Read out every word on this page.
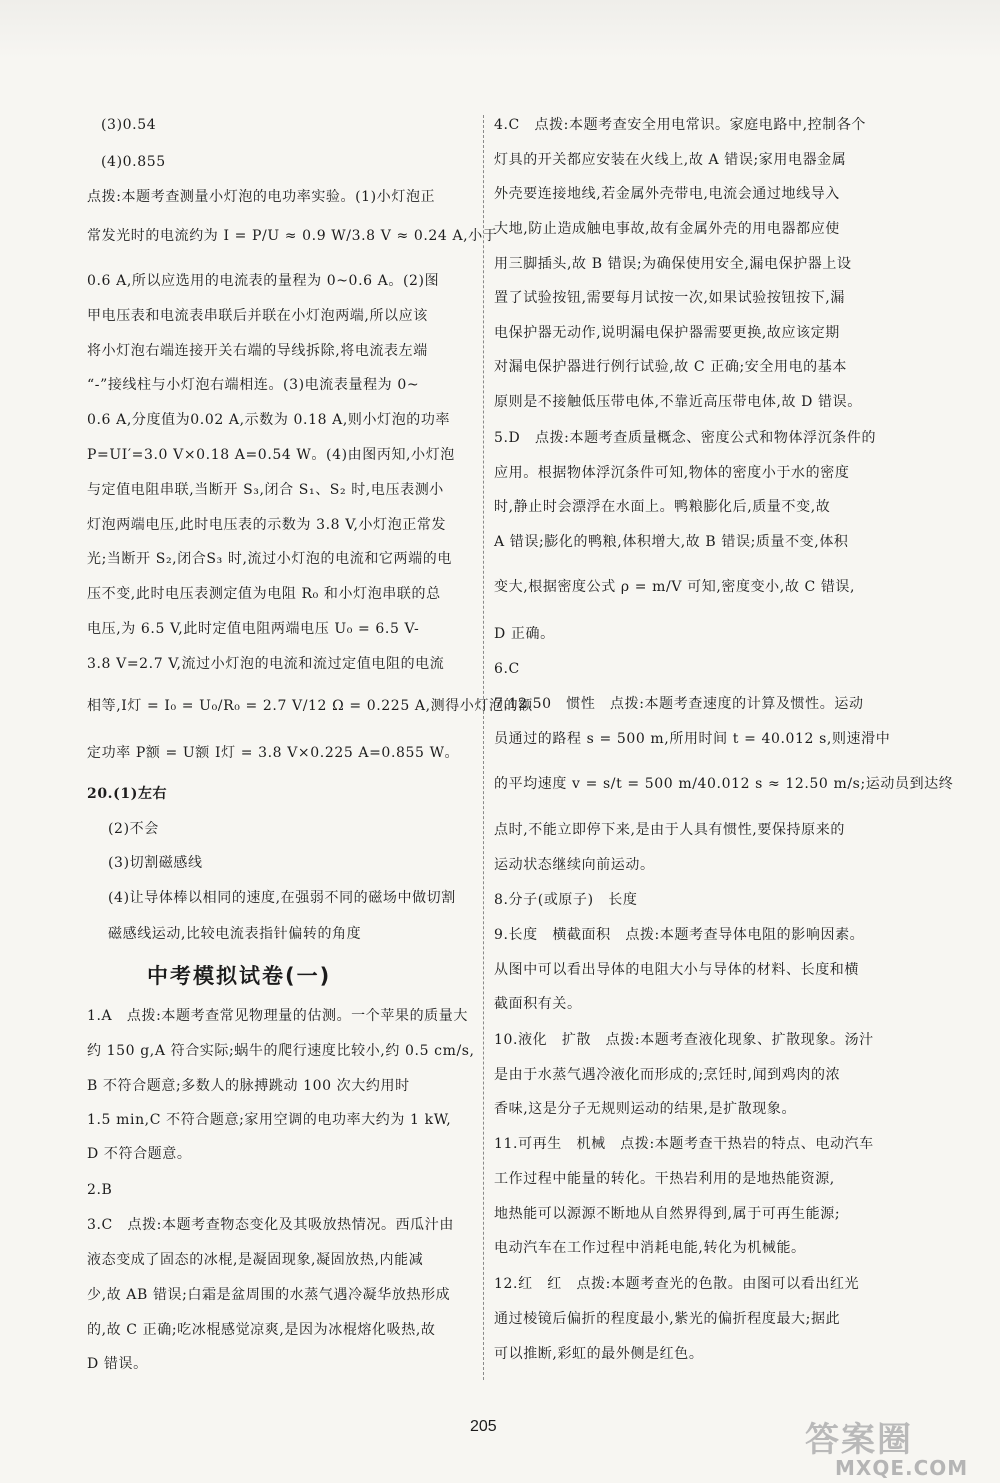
(3)0.54
(4)0.855
点拨:本题考查测量小灯泡的电功率实验。(1)小灯泡正
常发光时的电流约为 I = P/U ≈ 0.9 W/3.8 V ≈ 0.24 A,小于
0.6 A,所以应选用的电流表的量程为 0~0.6 A。(2)图
甲电压表和电流表串联后并联在小灯泡两端,所以应该
将小灯泡右端连接开关右端的导线拆除,将电流表左端
“-”接线柱与小灯泡右端相连。(3)电流表量程为 0~
0.6 A,分度值为0.02 A,示数为 0.18 A,则小灯泡的功率
P=UI′=3.0 V×0.18 A=0.54 W。(4)由图丙知,小灯泡
与定值电阻串联,当断开 S₃,闭合 S₁、S₂ 时,电压表测小
灯泡两端电压,此时电压表的示数为 3.8 V,小灯泡正常发
光;当断开 S₂,闭合S₃ 时,流过小灯泡的电流和它两端的电
压不变,此时电压表测定值为电阻 R₀ 和小灯泡串联的总
电压,为 6.5 V,此时定值电阻两端电压 U₀ = 6.5 V-
3.8 V=2.7 V,流过小灯泡的电流和流过定值电阻的电流
相等,I灯 = I₀ = U₀/R₀ = 2.7 V/12 Ω = 0.225 A,测得小灯泡的额
定功率 P额 = U额 I灯 = 3.8 V×0.225 A=0.855 W。
20.(1)左右
(2)不会
(3)切割磁感线
(4)让导体棒以相同的速度,在强弱不同的磁场中做切割
磁感线运动,比较电流表指针偏转的角度
中考模拟试卷(一)
1.A　点拨:本题考查常见物理量的估测。一个苹果的质量大
约 150 g,A 符合实际;蜗牛的爬行速度比较小,约 0.5 cm/s,
B 不符合题意;多数人的脉搏跳动 100 次大约用时
1.5 min,C 不符合题意;家用空调的电功率大约为 1 kW,
D 不符合题意。
2.B
3.C　点拨:本题考查物态变化及其吸放热情况。西瓜汁由
液态变成了固态的冰棍,是凝固现象,凝固放热,内能减
少,故 AB 错误;白霜是盆周围的水蒸气遇冷凝华放热形成
的,故 C 正确;吃冰棍感觉凉爽,是因为冰棍熔化吸热,故
D 错误。
4.C　点拨:本题考查安全用电常识。家庭电路中,控制各个
灯具的开关都应安装在火线上,故 A 错误;家用电器金属
外壳要连接地线,若金属外壳带电,电流会通过地线导入
大地,防止造成触电事故,故有金属外壳的用电器都应使
用三脚插头,故 B 错误;为确保使用安全,漏电保护器上设
置了试验按钮,需要每月试按一次,如果试验按钮按下,漏
电保护器无动作,说明漏电保护器需要更换,故应该定期
对漏电保护器进行例行试验,故 C 正确;安全用电的基本
原则是不接触低压带电体,不靠近高压带电体,故 D 错误。
5.D　点拨:本题考查质量概念、密度公式和物体浮沉条件的
应用。根据物体浮沉条件可知,物体的密度小于水的密度
时,静止时会漂浮在水面上。鸭粮膨化后,质量不变,故
A 错误;膨化的鸭粮,体积增大,故 B 错误;质量不变,体积
变大,根据密度公式 ρ = m/V 可知,密度变小,故 C 错误,
D 正确。
6.C
7.12.50　惯性　点拨:本题考查速度的计算及惯性。运动
员通过的路程 s = 500 m,所用时间 t = 40.012 s,则速滑中
的平均速度 v = s/t = 500 m/40.012 s ≈ 12.50 m/s;运动员到达终
点时,不能立即停下来,是由于人具有惯性,要保持原来的
运动状态继续向前运动。
8.分子(或原子)　长度
9.长度　横截面积　点拨:本题考查导体电阻的影响因素。
从图中可以看出导体的电阻大小与导体的材料、长度和横
截面积有关。
10.液化　扩散　点拨:本题考查液化现象、扩散现象。汤汁
是由于水蒸气遇冷液化而形成的;烹饪时,闻到鸡肉的浓
香味,这是分子无规则运动的结果,是扩散现象。
11.可再生　机械　点拨:本题考查干热岩的特点、电动汽车
工作过程中能量的转化。干热岩利用的是地热能资源,
地热能可以源源不断地从自然界得到,属于可再生能源;
电动汽车在工作过程中消耗电能,转化为机械能。
12.红　红　点拨:本题考查光的色散。由图可以看出红光
通过棱镜后偏折的程度最小,紫光的偏折程度最大;据此
可以推断,彩虹的最外侧是红色。
205	答案圈
MXQE.COM
